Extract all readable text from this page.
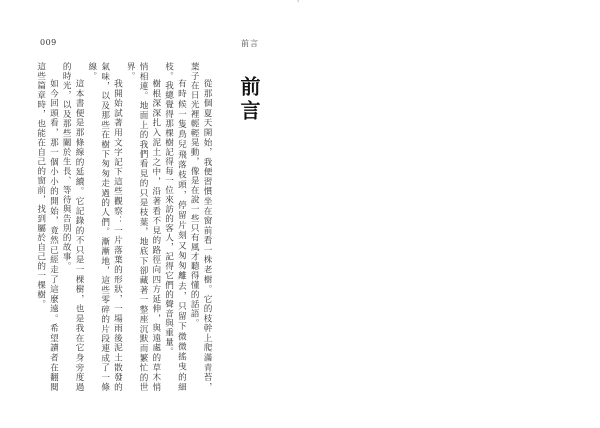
'
009	前言
前言

從那個夏天開始，我便習慣坐在窗前看一株老樹。它的枝幹上爬滿青苔，葉子在日光裡輕輕晃動，像是在說一些只有風才聽得懂的話語。

有時候一隻鳥兒飛落枝頭，停留片刻又匆匆離去，只留下微微搖曳的細枝。我總覺得那棵樹記得每一位來訪的客人，記得它們的聲音與重量。

樹根深深扎入泥土之中，沿著看不見的路徑向四方延伸，與遠處的草木悄悄相連。地面上的我們看見的只是枝葉，地底下卻藏著一整座沉默而繁忙的世界。

我開始試著用文字記下這些觀察：一片落葉的形狀，一場雨後泥土散發的氣味，以及那些在樹下匆匆走過的人們。漸漸地，這些零碎的片段連成了一條線。

這本書便是那條線的延續。它記錄的不只是一棵樹，也是我在它身旁度過的時光，以及那些關於生長、等待與告別的故事。

如今回頭看，那一個小小的開始，竟然已經走了這麼遠。希望讀者在翻閱這些篇章時，也能在自己的窗前，找到屬於自己的一棵樹。
